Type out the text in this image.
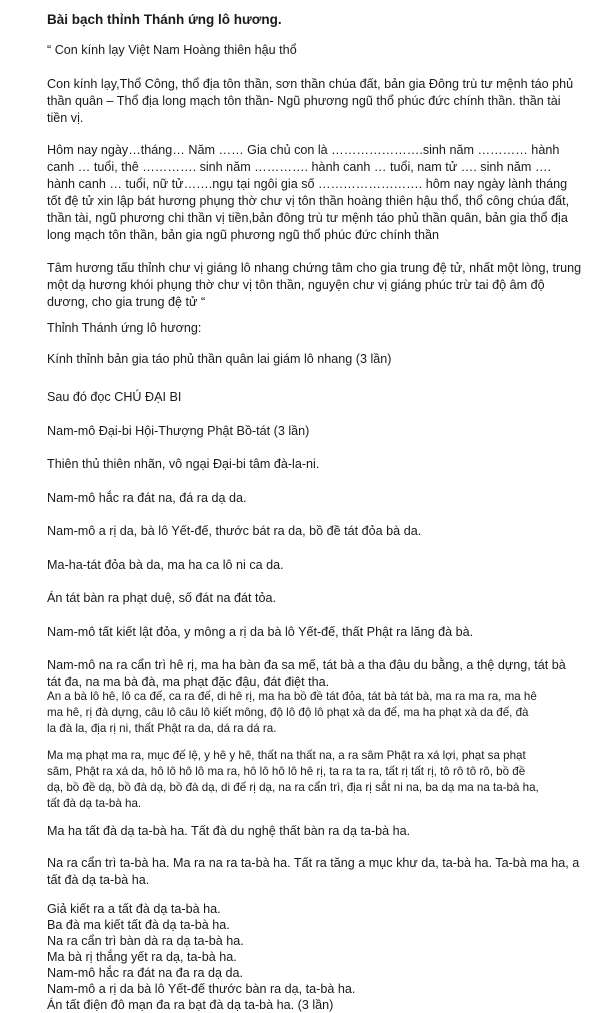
Bài bạch thỉnh Thánh ứng lô hương.

“ Con kính lạy Việt Nam Hoàng thiên hậu thổ

Con kính lạy,Thổ Công, thổ địa tôn thần, sơn thần chúa đất, bản gia Đông trù tư mệnh táo phủ
thần quân – Thổ địa long mạch tôn thần- Ngũ phương ngũ thổ phúc đức chính thần. thần tài
tiền vị.

Hôm nay ngày…tháng… Năm …… Gia chủ con là ………………….sinh năm ………… hành
canh … tuổi, thê …………. sinh năm …………. hành canh … tuổi, nam tử …. sinh năm ….
hành canh … tuổi, nữ tử…….ngụ tại ngôi gia số ……………………. hôm nay ngày lành tháng
tốt đệ tử xin lập bát hương phụng thờ chư vị tôn thần hoàng thiên hậu thổ, thổ công chúa đất,
thần tài, ngũ phương chi thần vị tiền,bản đông trù tư mệnh táo phủ thần quân, bản gia thổ địa
long mạch tôn thần, bản gia ngũ phương ngũ thổ phúc đức chính thần

Tâm hương tấu thỉnh chư vị giáng lô nhang chứng tâm cho gia trung đệ tử, nhất một lòng, trung
một dạ hương khói phụng thờ chư vị tôn thần, nguyện chư vị giáng phúc trừ tai độ âm độ
dương, cho gia trung đệ tử “

Thỉnh Thánh ứng lô hương:

Kính thỉnh bản gia táo phủ thần quân lai giám lô nhang (3 lần)

Sau đó đọc CHÚ ĐẠI BI

Nam-mô Đại-bi Hội-Thượng Phật Bồ-tát (3 lần)

Thiên thủ thiên nhãn, vô ngại Đại-bi tâm đà-la-ni.

Nam-mô hắc ra đát na, đá ra dạ da.

Nam-mô a rị da, bà lô Yết-đế, thước bát ra da, bồ đề tát đỏa bà da.

Ma-ha-tát đỏa bà da, ma ha ca lô ni ca da.

Án tát bàn ra phạt duệ, số đát na đát tỏa.

Nam-mô tất kiết lật đỏa, y mông a rị da bà lô Yết-đế, thất Phật ra lăng đà bà.

Nam-mô na ra cẩn trì hê rị, ma ha bàn đa sa mế, tát bà a tha đậu du bằng, a thệ dựng, tát bà
tát đa, na ma bà đà, ma phạt đặc đậu, đát điệt tha.

An a bà lô hê, lô ca đế, ca ra đế, di hê rị, ma ha bồ đề tát đỏa, tát bà tát bà, ma ra ma ra, ma hê
ma hê, rị đà dựng, câu lô câu lô kiết mông, độ lô độ lô phạt xà da đế, ma ha phạt xà da đế, đà
la đà la, địa rị ni, thất Phật ra da, dá ra dá ra.

Ma mạ phạt ma ra, mục đế lệ, y hê y hê, thất na thất na, a ra sâm Phật ra xá lợi, phạt sa phạt
sâm, Phật ra xá da, hô lô hô lô ma ra, hô lô hô lô hê rị, ta ra ta ra, tất rị tất rị, tô rô tô rô, bồ đề
dạ, bồ đề dạ, bồ đà dạ, bồ đà dạ, di đế rị dạ, na ra cẩn trì, địa rị sắt ni na, ba dạ ma na ta-bà ha,
tất đà dạ ta-bà ha.

Ma ha tất đà dạ ta-bà ha. Tất đà du nghệ thất bàn ra dạ ta-bà ha.

Na ra cẩn trì ta-bà ha. Ma ra na ra ta-bà ha. Tất ra tăng a mục khư da, ta-bà ha. Ta-bà ma ha, a
tất đà dạ ta-bà ha.

Giả kiết ra a tất đà dạ ta-bà ha.

Ba đà ma kiết tất đà dạ ta-bà ha.

Na ra cẩn trì bàn dà ra dạ ta-bà ha.

Ma bà rị thắng yết ra dạ, ta-bà ha.

Nam-mô hắc ra đát na đa ra dạ da.

Nam-mô a rị da bà lô Yết-đế thước bàn ra dạ, ta-bà ha.

Án tất điện đô mạn đa ra bạt đà dạ ta-bà ha. (3 lần)
